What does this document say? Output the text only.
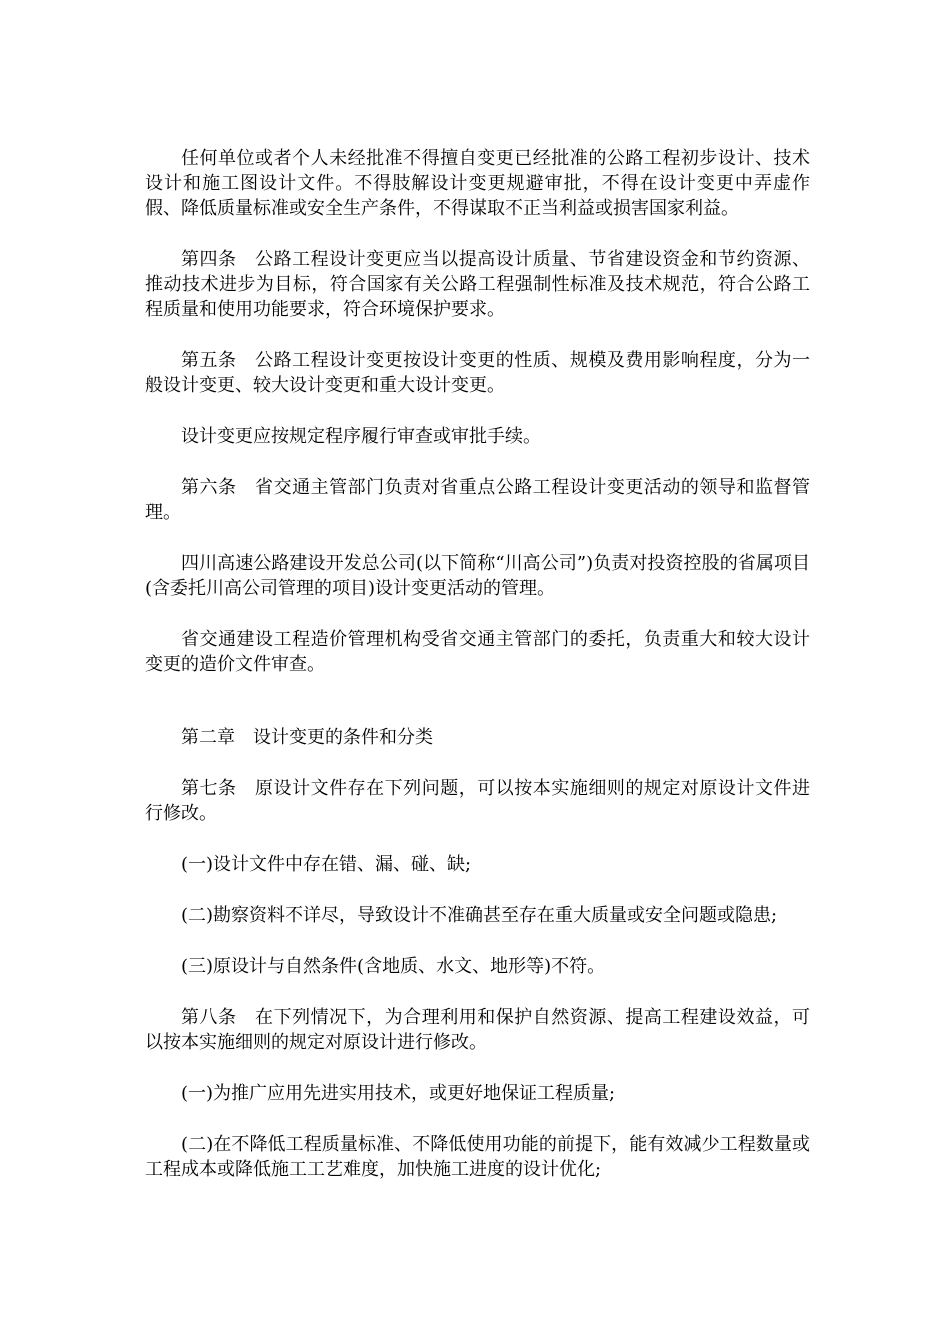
任何单位或者个人未经批准不得擅自变更已经批准的公路工程初步设计、技术设计和施工图设计文件。不得肢解设计变更规避审批，不得在设计变更中弄虚作假、降低质量标准或安全生产条件，不得谋取不正当利益或损害国家利益。

第四条　公路工程设计变更应当以提高设计质量、节省建设资金和节约资源、推动技术进步为目标，符合国家有关公路工程强制性标准及技术规范，符合公路工程质量和使用功能要求，符合环境保护要求。

第五条　公路工程设计变更按设计变更的性质、规模及费用影响程度，分为一般设计变更、较大设计变更和重大设计变更。

设计变更应按规定程序履行审查或审批手续。

第六条　省交通主管部门负责对省重点公路工程设计变更活动的领导和监督管理。

四川高速公路建设开发总公司(以下简称“川高公司”)负责对投资控股的省属项目(含委托川高公司管理的项目)设计变更活动的管理。

省交通建设工程造价管理机构受省交通主管部门的委托，负责重大和较大设计变更的造价文件审查。

第二章　设计变更的条件和分类

第七条　原设计文件存在下列问题，可以按本实施细则的规定对原设计文件进行修改。

(一)设计文件中存在错、漏、碰、缺;

(二)勘察资料不详尽，导致设计不准确甚至存在重大质量或安全问题或隐患;

(三)原设计与自然条件(含地质、水文、地形等)不符。

第八条　在下列情况下，为合理利用和保护自然资源、提高工程建设效益，可以按本实施细则的规定对原设计进行修改。

(一)为推广应用先进实用技术，或更好地保证工程质量;

(二)在不降低工程质量标准、不降低使用功能的前提下，能有效减少工程数量或工程成本或降低施工工艺难度，加快施工进度的设计优化;
